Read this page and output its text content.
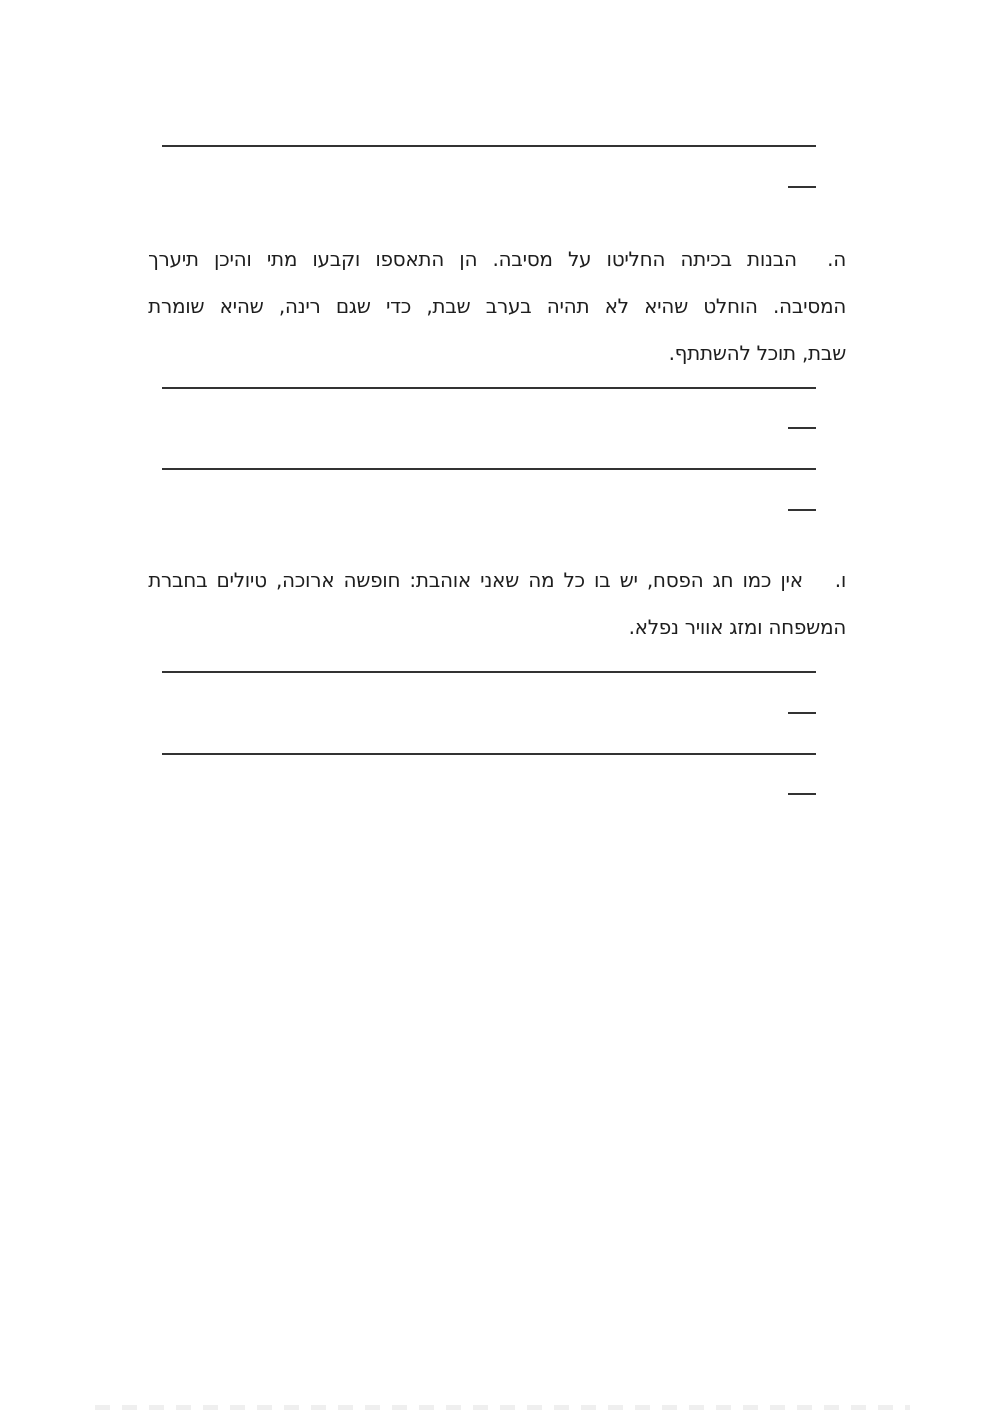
ה.
הבנות
בכיתה
החליטו
על
מסיבה.
הן
התאספו
וקבעו
מתי
והיכן
תיערך
המסיבה.
הוחלט
שהיא
לא
תהיה
בערב
שבת,
כדי
שגם
רינה,
שהיא
שומרת
שבת, תוכל להשתתף.
ו.
אין
כמו
חג
הפסח,
יש
בו
כל
מה
שאני
אוהבת:
חופשה
ארוכה,
טיולים
בחברת
המשפחה ומזג אוויר נפלא.
